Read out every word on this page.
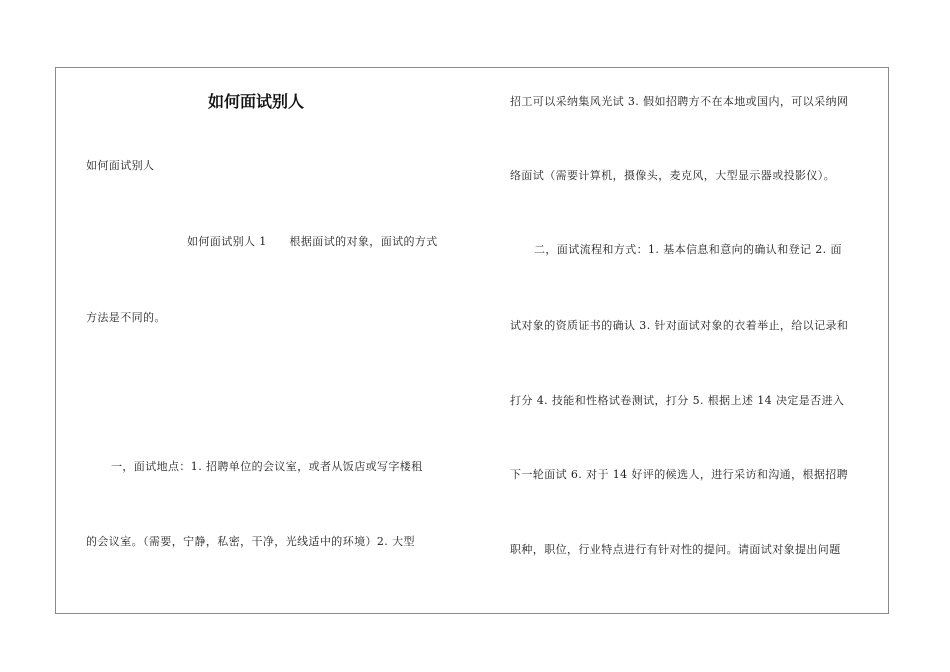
如何面试别人
如何面试别人
如何面试别人 1　　根据面试的对象，面试的方式
方法是不同的。
一，面试地点：1. 招聘单位的会议室，或者从饭店或写字楼租
的会议室。（需要，宁静，私密，干净，光线适中的环境）2. 大型
招工可以采纳集风光试 3. 假如招聘方不在本地或国内，可以采纳网
络面试（需要计算机，摄像头，麦克风，大型显示器或投影仪）。
二，面试流程和方式：1. 基本信息和意向的确认和登记 2. 面
试对象的资质证书的确认 3. 针对面试对象的衣着举止，给以记录和
打分 4. 技能和性格试卷测试，打分 5. 根据上述 14 决定是否进入
下一轮面试 6. 对于 14 好评的候选人，进行采访和沟通，根据招聘
职种，职位，行业特点进行有针对性的提问。请面试对象提出问题
